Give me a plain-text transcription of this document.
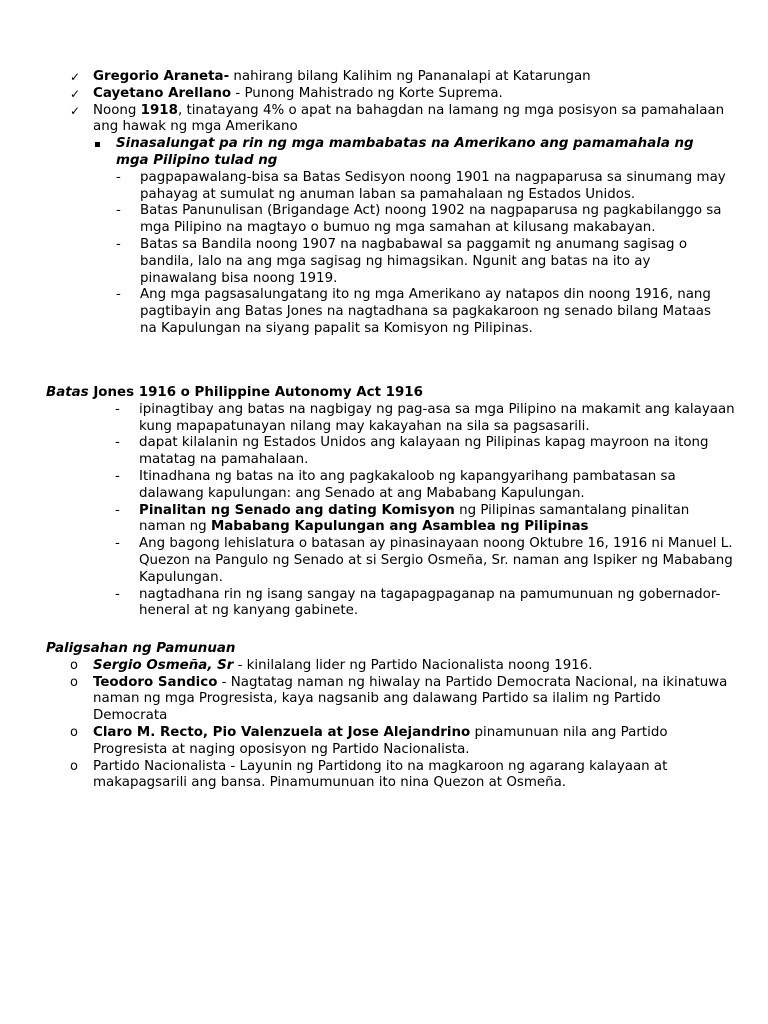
✓ Gregorio Araneta- nahirang bilang Kalihim ng Pananalapi at Katarungan
✓ Cayetano Arellano - Punong Mahistrado ng Korte Suprema.
✓ Noong 1918, tinatayang 4% o apat na bahagdan na lamang ng mga posisyon sa pamahalaan ang hawak ng mga Amerikano
Sinasalungat pa rin ng mga mambabatas na Amerikano ang pamamahala ng mga Pilipino tulad ng
- pagpapawalang-bisa sa Batas Sedisyon noong 1901 na nagpaparusa sa sinumang may pahayag at sumulat ng anuman laban sa pamahalaan ng Estados Unidos.
- Batas Panunulisan (Brigandage Act) noong 1902 na nagpaparusa ng pagkabilanggo sa mga Pilipino na magtayo o bumuo ng mga samahan at kilusang makabayan.
- Batas sa Bandila noong 1907 na nagbabawal sa paggamit ng anumang sagisag o bandila, lalo na ang mga sagisag ng himagsikan. Ngunit ang batas na ito ay pinawalang bisa noong 1919.
- Ang mga pagsasalungatang ito ng mga Amerikano ay natapos din noong 1916, nang pagtibayin ang Batas Jones na nagtadhana sa pagkakaroon ng senado bilang Mataas na Kapulungan na siyang papalit sa Komisyon ng Pilipinas.
Batas Jones 1916 o Philippine Autonomy Act 1916
- ipinagtibay ang batas na nagbigay ng pag-asa sa mga Pilipino na makamit ang kalayaan kung mapapatunayan nilang may kakayahan na sila sa pagsasarili.
- dapat kilalanin ng Estados Unidos ang kalayaan ng Pilipinas kapag mayroon na itong matatag na pamahalaan.
- Itinadhana ng batas na ito ang pagkakaloob ng kapangyarihang pambatasan sa dalawang kapulungan: ang Senado at ang Mababang Kapulungan.
- Pinalitan ng Senado ang dating Komisyon ng Pilipinas samantalang pinalitan naman ng Mababang Kapulungan ang Asamblea ng Pilipinas
- Ang bagong lehislatura o batasan ay pinasinayaan noong Oktubre 16, 1916 ni Manuel L. Quezon na Pangulo ng Senado at si Sergio Osmeña, Sr. naman ang Ispiker ng Mababang Kapulungan.
- nagtadhana rin ng isang sangay na tagapagpaganap na pamumunuan ng gobernador-heneral at ng kanyang gabinete.
Paligsahan ng Pamunuan
o Sergio Osmeña, Sr - kinilalang lider ng Partido Nacionalista noong 1916.
o Teodoro Sandico - Nagtatag naman ng hiwalay na Partido Democrata Nacional, na ikinatuwa naman ng mga Progresista, kaya nagsanib ang dalawang Partido sa ilalim ng Partido Democrata
o Claro M. Recto, Pio Valenzuela at Jose Alejandrino pinamunuan nila ang Partido Progresista at naging oposisyon ng Partido Nacionalista.
o Partido Nacionalista - Layunin ng Partidong ito na magkaroon ng agarang kalayaan at makapagsarili ang bansa. Pinamumunuan ito nina Quezon at Osmeña.
